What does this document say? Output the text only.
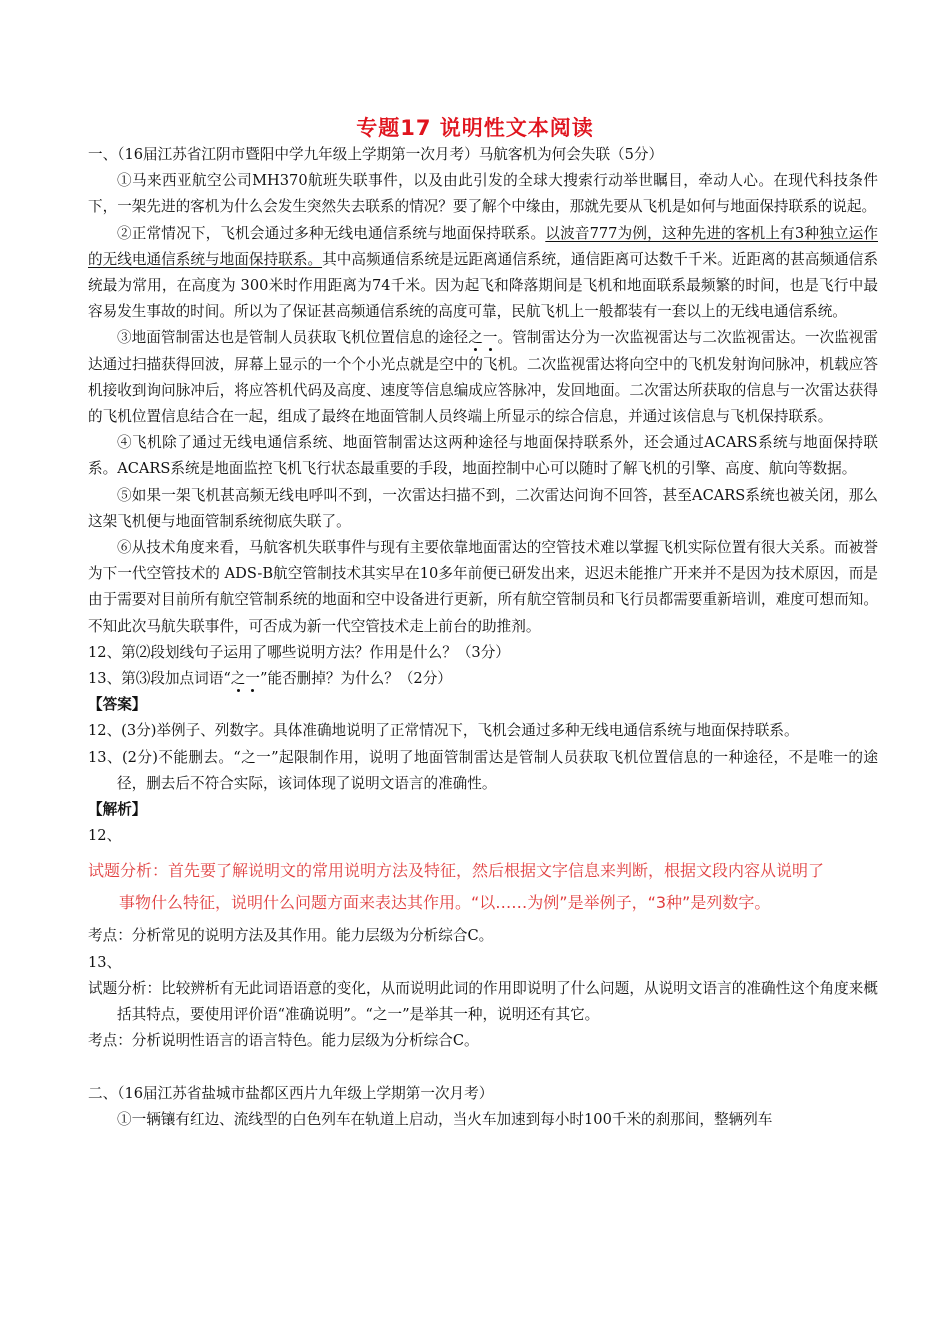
专题17 说明性文本阅读

一、（16届江苏省江阴市暨阳中学九年级上学期第一次月考）马航客机为何会失联（5分）

①马来西亚航空公司MH370航班失联事件，以及由此引发的全球大搜索行动举世瞩目，牵动人心。在现代科技条件下，一架先进的客机为什么会发生突然失去联系的情况？要了解个中缘由，那就先要从飞机是如何与地面保持联系的说起。

②正常情况下，飞机会通过多种无线电通信系统与地面保持联系。以波音777为例，这种先进的客机上有3种独立运作的无线电通信系统与地面保持联系。其中高频通信系统是远距离通信系统，通信距离可达数千千米。近距离的甚高频通信系统最为常用，在高度为 300米时作用距离为74千米。因为起飞和降落期间是飞机和地面联系最频繁的时间，也是飞行中最容易发生事故的时间。所以为了保证甚高频通信系统的高度可靠，民航飞机上一般都装有一套以上的无线电通信系统。

③地面管制雷达也是管制人员获取飞机位置信息的途径之一。管制雷达分为一次监视雷达与二次监视雷达。一次监视雷达通过扫描获得回波，屏幕上显示的一个个小光点就是空中的飞机。二次监视雷达将向空中的飞机发射询问脉冲，机载应答机接收到询问脉冲后，将应答机代码及高度、速度等信息编成应答脉冲，发回地面。二次雷达所获取的信息与一次雷达获得的飞机位置信息结合在一起，组成了最终在地面管制人员终端上所显示的综合信息，并通过该信息与飞机保持联系。

④飞机除了通过无线电通信系统、地面管制雷达这两种途径与地面保持联系外，还会通过ACARS系统与地面保持联系。ACARS系统是地面监控飞机飞行状态最重要的手段，地面控制中心可以随时了解飞机的引擎、高度、航向等数据。

⑤如果一架飞机甚高频无线电呼叫不到，一次雷达扫描不到，二次雷达问询不回答，甚至ACARS系统也被关闭，那么这架飞机便与地面管制系统彻底失联了。

⑥从技术角度来看，马航客机失联事件与现有主要依靠地面雷达的空管技术难以掌握飞机实际位置有很大关系。而被誉为下一代空管技术的 ADS-B航空管制技术其实早在10多年前便已研发出来，迟迟未能推广开来并不是因为技术原因，而是由于需要对目前所有航空管制系统的地面和空中设备进行更新，所有航空管制员和飞行员都需要重新培训，难度可想而知。不知此次马航失联事件，可否成为新一代空管技术走上前台的助推剂。

12、第⑵段划线句子运用了哪些说明方法？作用是什么？（3分）

13、第⑶段加点词语“之一”能否删掉？为什么？（2分）

【答案】

12、(3分)举例子、列数字。具体准确地说明了正常情况下，飞机会通过多种无线电通信系统与地面保持联系。

13、(2分)不能删去。“之一”起限制作用，说明了地面管制雷达是管制人员获取飞机位置信息的一种途径，不是唯一的途径，删去后不符合实际，该词体现了说明文语言的准确性。

【解析】

12、

试题分析：首先要了解说明文的常用说明方法及特征，然后根据文字信息来判断，根据文段内容从说明了
事物什么特征，说明什么问题方面来表达其作用。“以……为例”是举例子，“3种”是列数字。

考点：分析常见的说明方法及其作用。能力层级为分析综合C。

13、

试题分析：比较辨析有无此词语语意的变化，从而说明此词的作用即说明了什么问题，从说明文语言的准确性这个角度来概括其特点，要使用评价语“准确说明”。“之一”是举其一种，说明还有其它。

考点：分析说明性语言的语言特色。能力层级为分析综合C。

二、（16届江苏省盐城市盐都区西片九年级上学期第一次月考）

①一辆镶有红边、流线型的白色列车在轨道上启动，当火车加速到每小时100千米的刹那间，整辆列车
